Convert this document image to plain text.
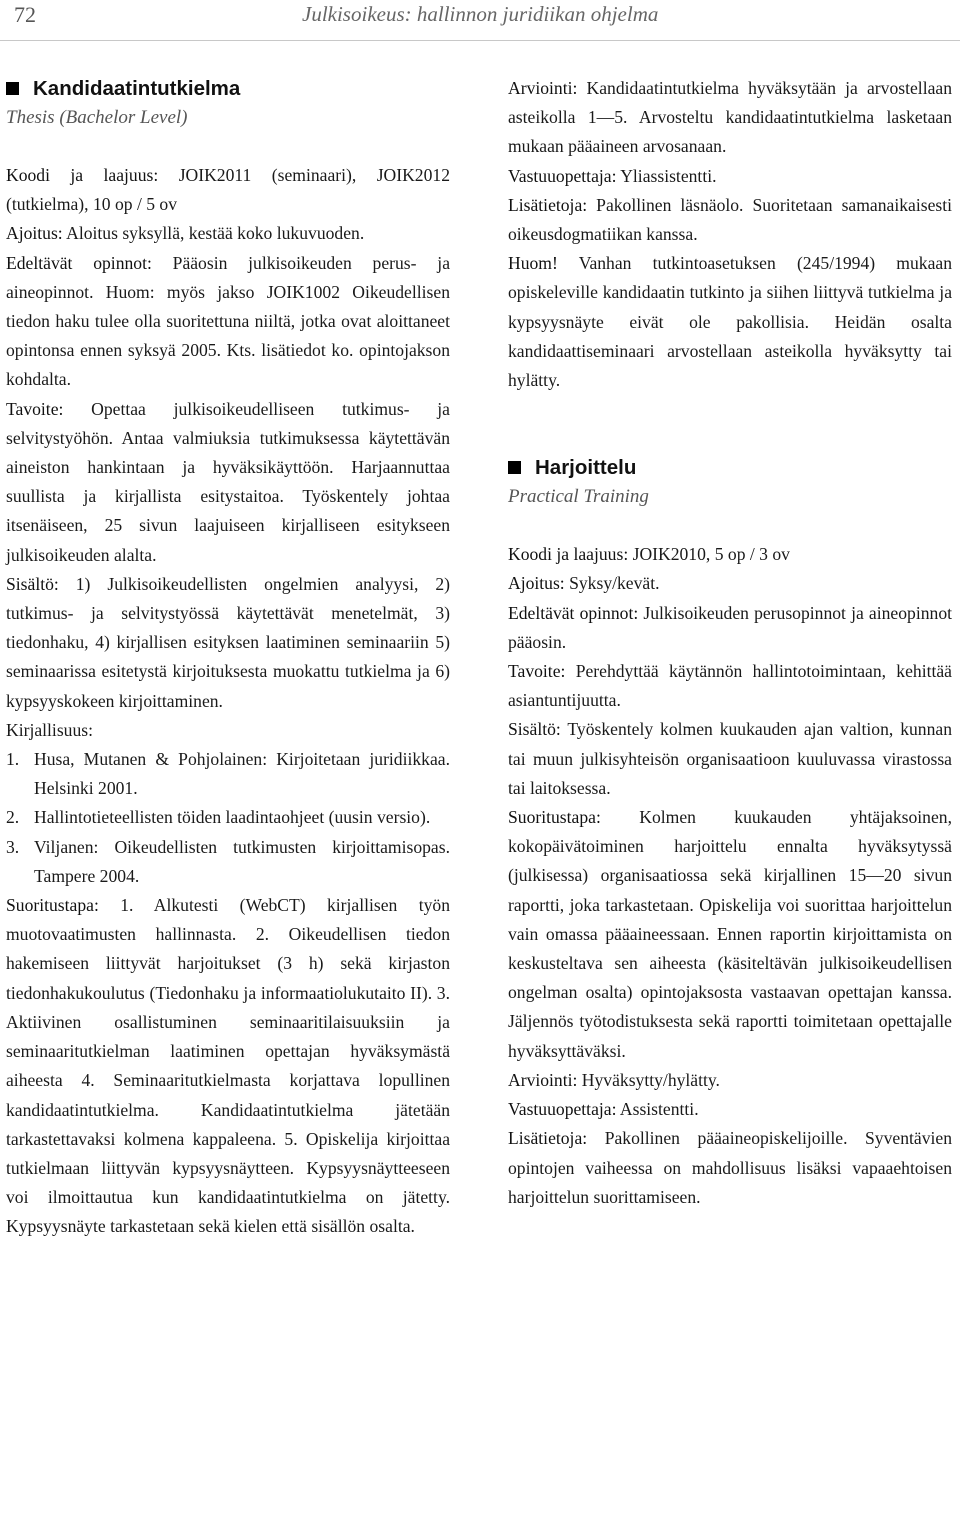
72	Julkisoikeus: hallinnon juridiikan ohjelma
Kandidaatintutkielma

Thesis (Bachelor Level)

Koodi ja laajuus: JOIK2011 (seminaari), JOIK2012 (tutkielma), 10 op / 5 ov

Ajoitus: Aloitus syksyllä, kestää koko lukuvuoden.

Edeltävät opinnot: Pääosin julkisoikeuden perus- ja aineopinnot. Huom: myös jakso JOIK1002 Oikeudellisen tiedon haku tulee olla suoritettuna niiltä, jotka ovat aloittaneet opintonsa ennen syksyä 2005. Kts. lisätiedot ko. opintojakson kohdalta.

Tavoite: Opettaa julkisoikeudelliseen tutkimus- ja selvitystyöhön. Antaa valmiuksia tutkimuksessa käytettävän aineiston hankintaan ja hyväksikäyttöön. Harjaannuttaa suullista ja kirjallista esitystaitoa. Työskentely johtaa itsenäiseen, 25 sivun laajuiseen kirjalliseen esitykseen julkisoikeuden alalta.

Sisältö: 1) Julkisoikeudellisten ongelmien analyysi, 2) tutkimus- ja selvitystyössä käytettävät menetelmät, 3) tiedonhaku, 4) kirjallisen esityksen laatiminen seminaariin 5) seminaarissa esitetystä kirjoituksesta muokattu tutkielma ja 6) kypsyyskokeen kirjoittaminen.

Kirjallisuus:

1. Husa, Mutanen & Pohjolainen: Kirjoitetaan juridiikkaa. Helsinki 2001.
2. Hallintotieteellisten töiden laadintaohjeet (uusin versio).
3. Viljanen: Oikeudellisten tutkimusten kirjoittamisopas. Tampere 2004.

Suoritustapa: 1. Alkutesti (WebCT) kirjallisen työn muotovaatimusten hallinnasta. 2. Oikeudellisen tiedon hakemiseen liittyvät harjoitukset (3 h) sekä kirjaston tiedonhakukoulutus (Tiedonhaku ja informaatiolukutaito II). 3. Aktiivinen osallistuminen seminaaritilaisuuksiin ja seminaaritutkielman laatiminen opettajan hyväksymästä aiheesta 4. Seminaaritutkielmasta korjattava lopullinen kandidaatintutkielma. Kandidaatintutkielma jätetään tarkastettavaksi kolmena kappaleena. 5. Opiskelija kirjoittaa tutkielmaan liittyvän kypsyysnäytteen. Kypsyysnäytteeseen voi ilmoittautua kun kandidaatintutkielma on jätetty. Kypsyysnäyte tarkastetaan sekä kielen että sisällön osalta.

Arviointi: Kandidaatintutkielma hyväksytään ja arvostellaan asteikolla 1—5. Arvosteltu kandidaatintutkielma lasketaan mukaan pääaineen arvosanaan.

Vastuuopettaja: Yliassistentti.

Lisätietoja: Pakollinen läsnäolo. Suoritetaan samanaikaisesti oikeusdogmatiikan kanssa.

Huom! Vanhan tutkintoasetuksen (245/1994) mukaan opiskeleville kandidaatin tutkinto ja siihen liittyvä tutkielma ja kypsyysnäyte eivät ole pakollisia. Heidän osalta kandidaattiseminaari arvostellaan asteikolla hyväksytty tai hylätty.

Harjoittelu

Practical Training

Koodi ja laajuus: JOIK2010, 5 op / 3 ov

Ajoitus: Syksy/kevät.

Edeltävät opinnot: Julkisoikeuden perusopinnot ja aineopinnot pääosin.

Tavoite: Perehdyttää käytännön hallintotoimintaan, kehittää asiantuntijuutta.

Sisältö: Työskentely kolmen kuukauden ajan valtion, kunnan tai muun julkisyhteisön organisaatioon kuuluvassa virastossa tai laitoksessa.

Suoritustapa: Kolmen kuukauden yhtäjaksoinen, kokopäivätoiminen harjoittelu ennalta hyväksytyssä (julkisessa) organisaatiossa sekä kirjallinen 15—20 sivun raportti, joka tarkastetaan. Opiskelija voi suorittaa harjoittelun vain omassa pääaineessaan. Ennen raportin kirjoittamista on keskusteltava sen aiheesta (käsiteltävän julkisoikeudellisen ongelman osalta) opintojaksosta vastaavan opettajan kanssa. Jäljennös työtodistuksesta sekä raportti toimitetaan opettajalle hyväksyttäväksi.

Arviointi: Hyväksytty/hylätty.

Vastuuopettaja: Assistentti.

Lisätietoja: Pakollinen pääaineopiskelijoille. Syventävien opintojen vaiheessa on mahdollisuus lisäksi vapaaehtoisen harjoittelun suorittamiseen.
